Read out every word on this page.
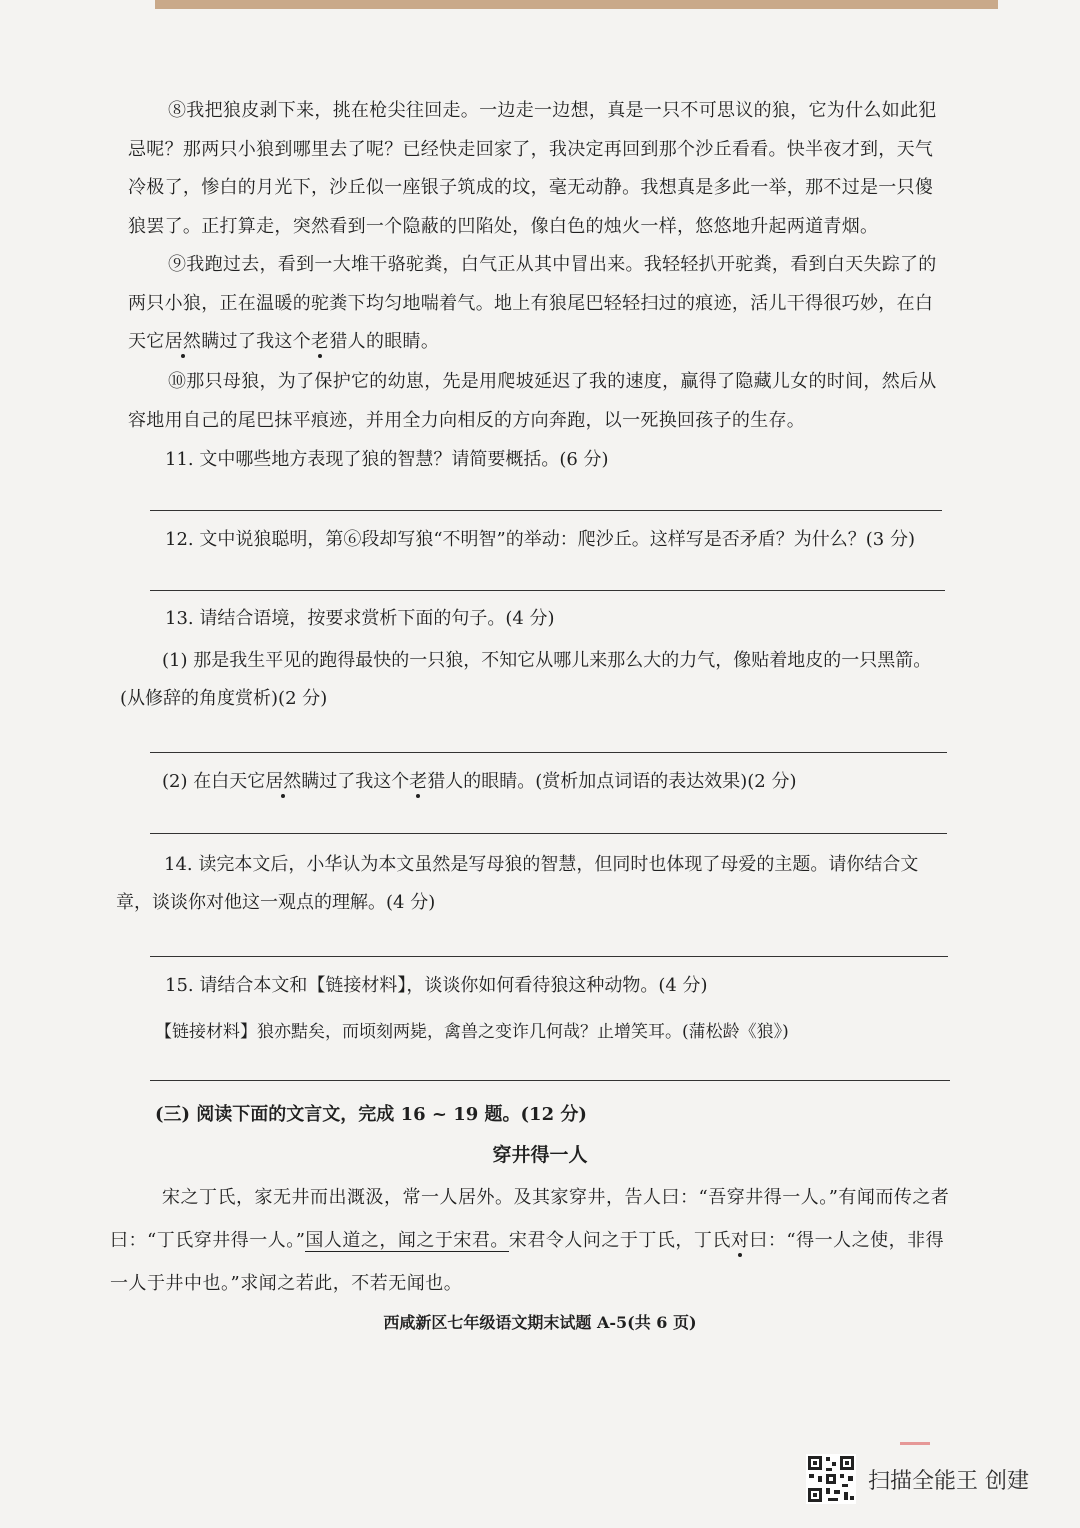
⑧我把狼皮剥下来，挑在枪尖往回走。一边走一边想，真是一只不可思议的狼，它为什么如此犯忌呢？那两只小狼到哪里去了呢？已经快走回家了，我决定再回到那个沙丘看看。快半夜才到，天气冷极了，惨白的月光下，沙丘似一座银子筑成的坟，毫无动静。我想真是多此一举，那不过是一只傻狼罢了。正打算走，突然看到一个隐蔽的凹陷处，像白色的烛火一样，悠悠地升起两道青烟。

⑨我跑过去，看到一大堆干骆驼粪，白气正从其中冒出来。我轻轻扒开驼粪，看到白天失踪了的两只小狼，正在温暖的驼粪下均匀地喘着气。地上有狼尾巴轻轻扫过的痕迹，活儿干得很巧妙，在白天它居然瞒过了我这个老猎人的眼睛。

⑩那只母狼，为了保护它的幼崽，先是用爬坡延迟了我的速度，赢得了隐藏儿女的时间，然后从容地用自己的尾巴抹平痕迹，并用全力向相反的方向奔跑，以一死换回孩子的生存。

11. 文中哪些地方表现了狼的智慧？请简要概括。(6 分)

12. 文中说狼聪明，第⑥段却写狼“不明智”的举动：爬沙丘。这样写是否矛盾？为什么？(3 分)

13. 请结合语境，按要求赏析下面的句子。(4 分)

(1) 那是我生平见的跑得最快的一只狼，不知它从哪儿来那么大的力气，像贴着地皮的一只黑箭。(从修辞的角度赏析)(2 分)

(2) 在白天它居然瞒过了我这个老猎人的眼睛。(赏析加点词语的表达效果)(2 分)

14. 读完本文后，小华认为本文虽然是写母狼的智慧，但同时也体现了母爱的主题。请你结合文章，谈谈你对他这一观点的理解。(4 分)

15. 请结合本文和【链接材料】，谈谈你如何看待狼这种动物。(4 分)

【链接材料】狼亦黠矣，而顷刻两毙，禽兽之变诈几何哉？止增笑耳。(蒲松龄《狼》)

(三) 阅读下面的文言文，完成 16 ~ 19 题。(12 分)

穿井得一人

宋之丁氏，家无井而出溉汲，常一人居外。及其家穿井，告人曰：“吾穿井得一人。”有闻而传之者曰：“丁氏穿井得一人。”国人道之，闻之于宋君。宋君令人问之于丁氏，丁氏对曰：“得一人之使，非得一人于井中也。”求闻之若此，不若无闻也。

西咸新区七年级语文期末试题 A-5(共 6 页)

扫描全能王 创建
